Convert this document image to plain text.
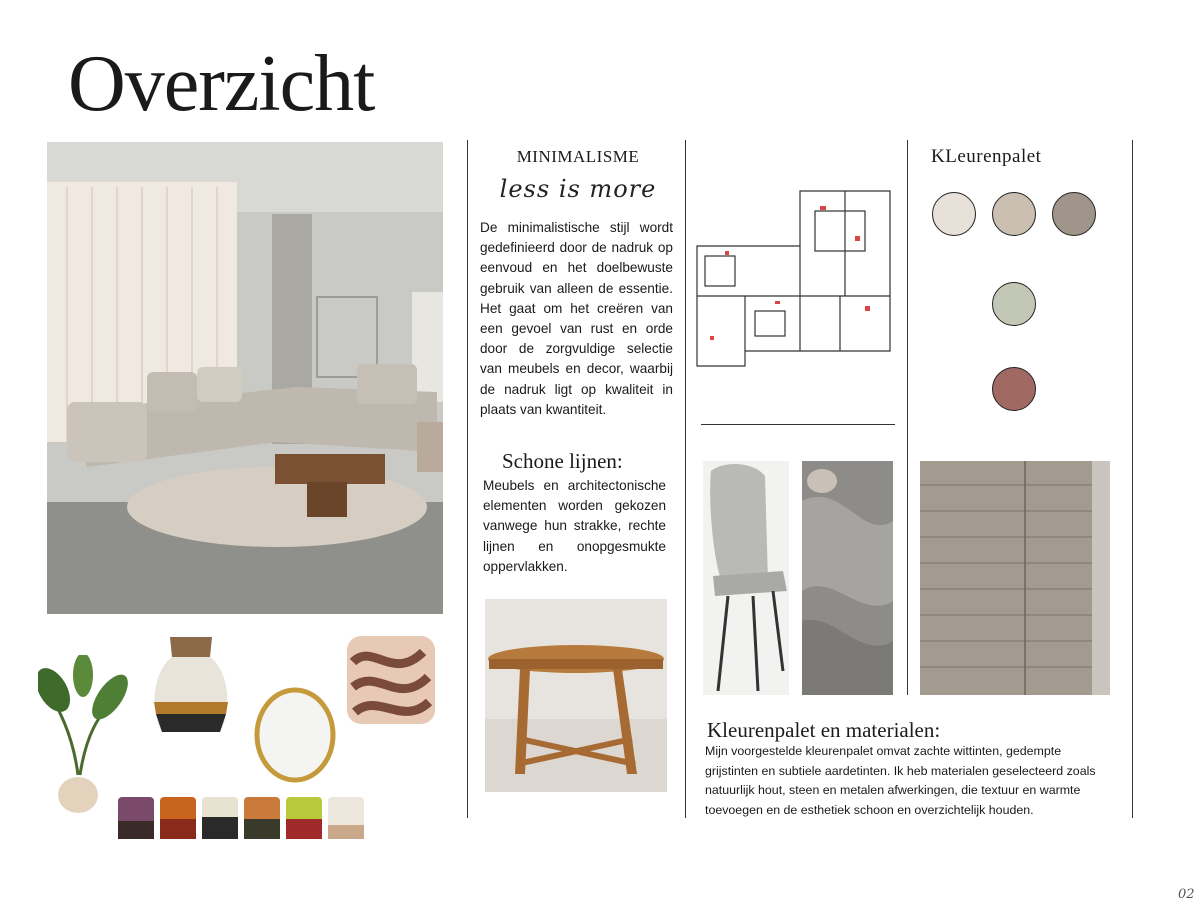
Overzicht
MINIMALISME
less is more
De minimalistische stijl wordt gedefinieerd door de nadruk op eenvoud en het doelbewuste gebruik van alleen de essentie. Het gaat om het creëren van een gevoel van rust en orde door de zorgvuldige selectie van meubels en decor, waarbij de nadruk ligt op kwaliteit in plaats van kwantiteit.
Schone lijnen:
Meubels en architectonische elementen worden gekozen vanwege hun strakke, rechte lijnen en onopgesmukte oppervlakken.
KLeurenpalet
Kleurenpalet en materialen:
Mijn voorgestelde kleurenpalet omvat zachte wittinten, gedempte grijstinten en subtiele aardetinten. Ik heb materialen geselecteerd zoals natuurlijk hout, steen en metalen afwerkingen, die textuur en warmte toevoegen en de esthetiek schoon en overzichtelijk houden.
02
